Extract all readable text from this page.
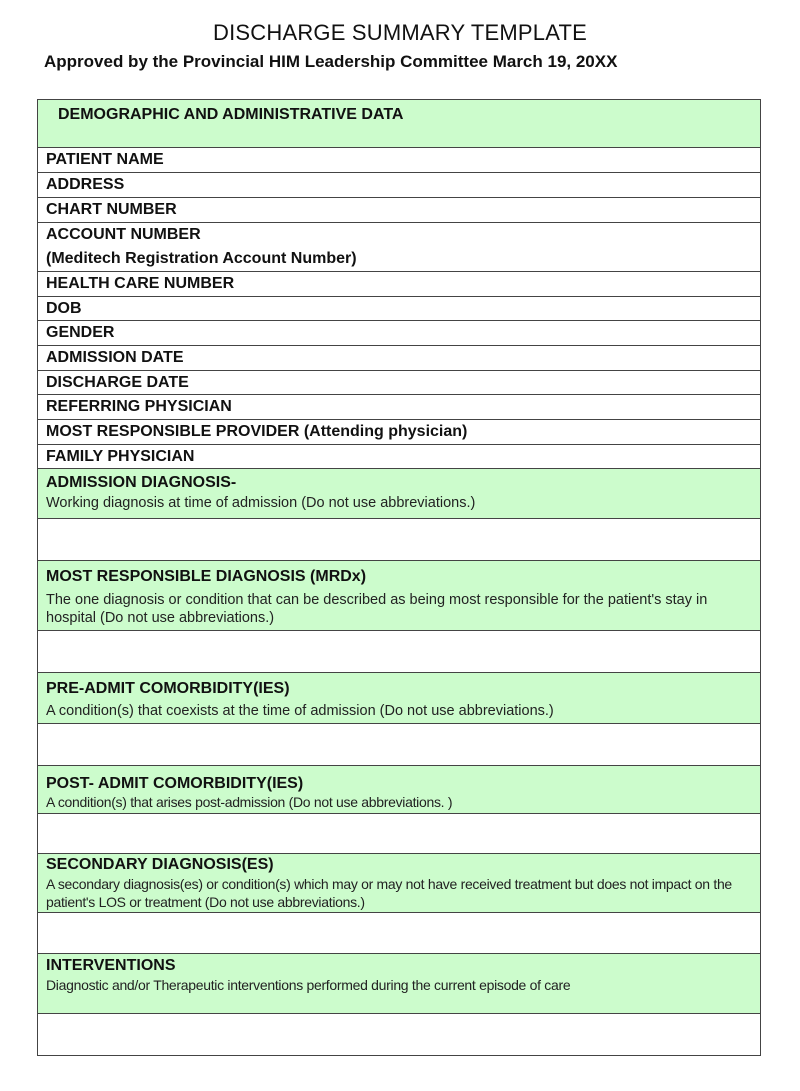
DISCHARGE SUMMARY TEMPLATE
Approved by the Provincial HIM Leadership Committee March 19, 20XX
DEMOGRAPHIC AND ADMINISTRATIVE DATA
PATIENT NAME
ADDRESS
CHART NUMBER
ACCOUNT NUMBER
(Meditech Registration Account Number)
HEALTH CARE NUMBER
DOB
GENDER
ADMISSION DATE
DISCHARGE DATE
REFERRING PHYSICIAN
MOST RESPONSIBLE PROVIDER (Attending physician)
FAMILY PHYSICIAN
ADMISSION DIAGNOSIS-
Working diagnosis at time of admission (Do not use abbreviations.)
MOST RESPONSIBLE DIAGNOSIS (MRDx)
The one diagnosis or condition that can be described as being most responsible for the patient's stay in hospital (Do not use abbreviations.)
PRE-ADMIT COMORBIDITY(IES)
A condition(s) that coexists at the time of admission (Do not use abbreviations.)
POST- ADMIT COMORBIDITY(IES)
A condition(s) that arises post-admission (Do not use abbreviations. )
SECONDARY DIAGNOSIS(ES)
A secondary diagnosis(es) or condition(s) which may or may not have received treatment but does not impact on the patient's LOS or treatment (Do not use abbreviations.)
INTERVENTIONS
Diagnostic and/or Therapeutic interventions performed during the current episode of care
